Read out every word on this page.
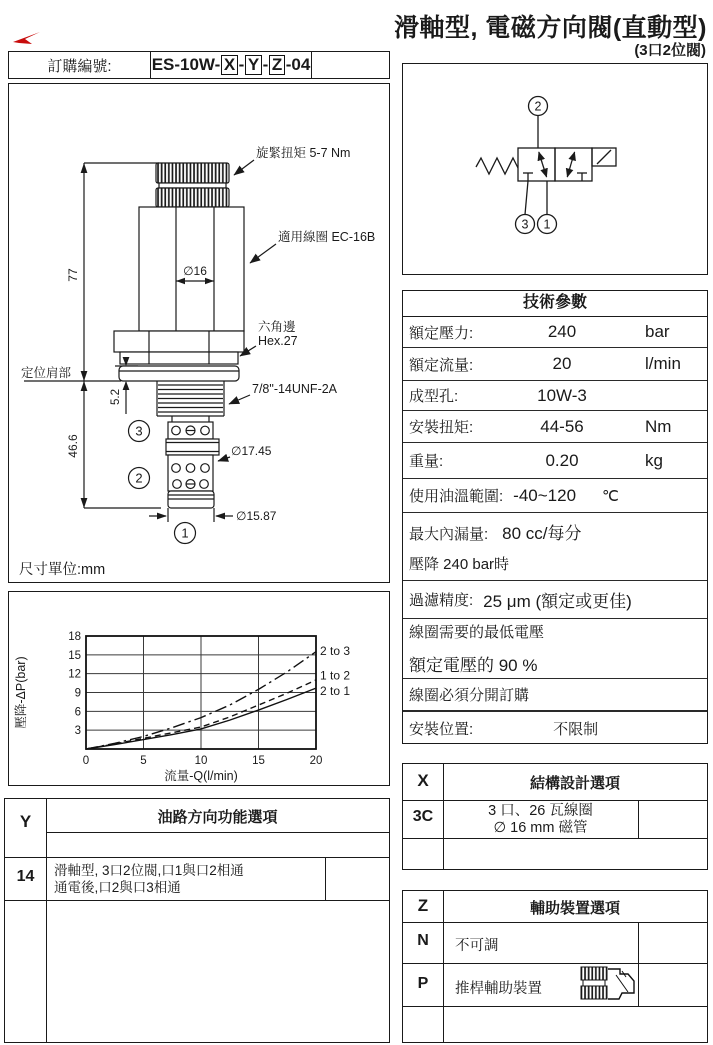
滑軸型, 電磁方向閥(直動型)
(3口2位閥)
訂購編號:	ES-10W- X - Y - Z -04
77
46.6
5.2
定位肩部
∅16
旋緊扭矩 5-7 Nm
適用線圈 EC-16B
六角邊
Hex.27
7/8"-14UNF-2A
∅17.45
∅15.87
3
2
1
尺寸單位:mm
2
3 1
技術參數
額定壓力:	240	bar
額定流量:	20	l/min
成型孔:	10W-3
安裝扭矩:	44-56	Nm
重量:	0.20	kg
使用油溫範圍: -40~120 ℃
最大內漏量: 80 cc/每分
壓降 240 bar時
過濾精度: 25 μm (額定或更佳)
線圈需要的最低電壓
額定電壓的 90 %
線圈必須分開訂購
安裝位置:	不限制
3
6
9
12
15
18
0	5	10	15	20
2 to 3
1 to 2
2 to 1
流量-Q(l/min)
壓降-ΔP(bar)
Y	油路方向功能選項
14	滑軸型, 3口2位閥,口1與口2相通
通電後,口2與口3相通
X	結構設計選項
3C	3 口、26 瓦線圈
∅ 16 mm 磁管
Z	輔助裝置選項
N	不可調
P	推桿輔助裝置
